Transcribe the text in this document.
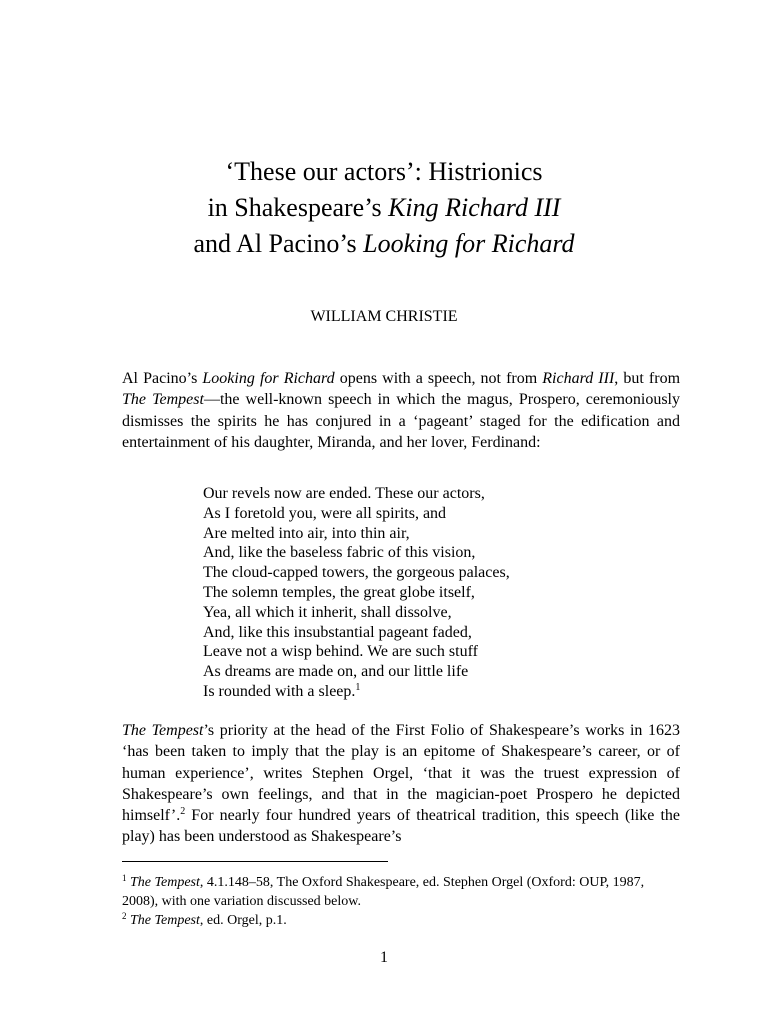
‘These our actors’: Histrionics
in Shakespeare’s King Richard III
and Al Pacino’s Looking for Richard
WILLIAM CHRISTIE
Al Pacino’s Looking for Richard opens with a speech, not from Richard III, but from The Tempest—the well-known speech in which the magus, Prospero, ceremoniously dismisses the spirits he has conjured in a ‘pageant’ staged for the edification and entertainment of his daughter, Miranda, and her lover, Ferdinand:
Our revels now are ended. These our actors,
As I foretold you, were all spirits, and
Are melted into air, into thin air,
And, like the baseless fabric of this vision,
The cloud-capped towers, the gorgeous palaces,
The solemn temples, the great globe itself,
Yea, all which it inherit, shall dissolve,
And, like this insubstantial pageant faded,
Leave not a wisp behind. We are such stuff
As dreams are made on, and our little life
Is rounded with a sleep.$^1$
The Tempest’s priority at the head of the First Folio of Shakespeare’s works in 1623 ‘has been taken to imply that the play is an epitome of Shakespeare’s career, or of human experience’, writes Stephen Orgel, ‘that it was the truest expression of Shakespeare’s own feelings, and that in the magician-poet Prospero he depicted himself’.$^2$ For nearly four hundred years of theatrical tradition, this speech (like the play) has been understood as Shakespeare’s
$^1$ The Tempest, 4.1.148–58, The Oxford Shakespeare, ed. Stephen Orgel (Oxford: OUP, 1987, 2008), with one variation discussed below.
$^2$ The Tempest, ed. Orgel, p.1.
1
